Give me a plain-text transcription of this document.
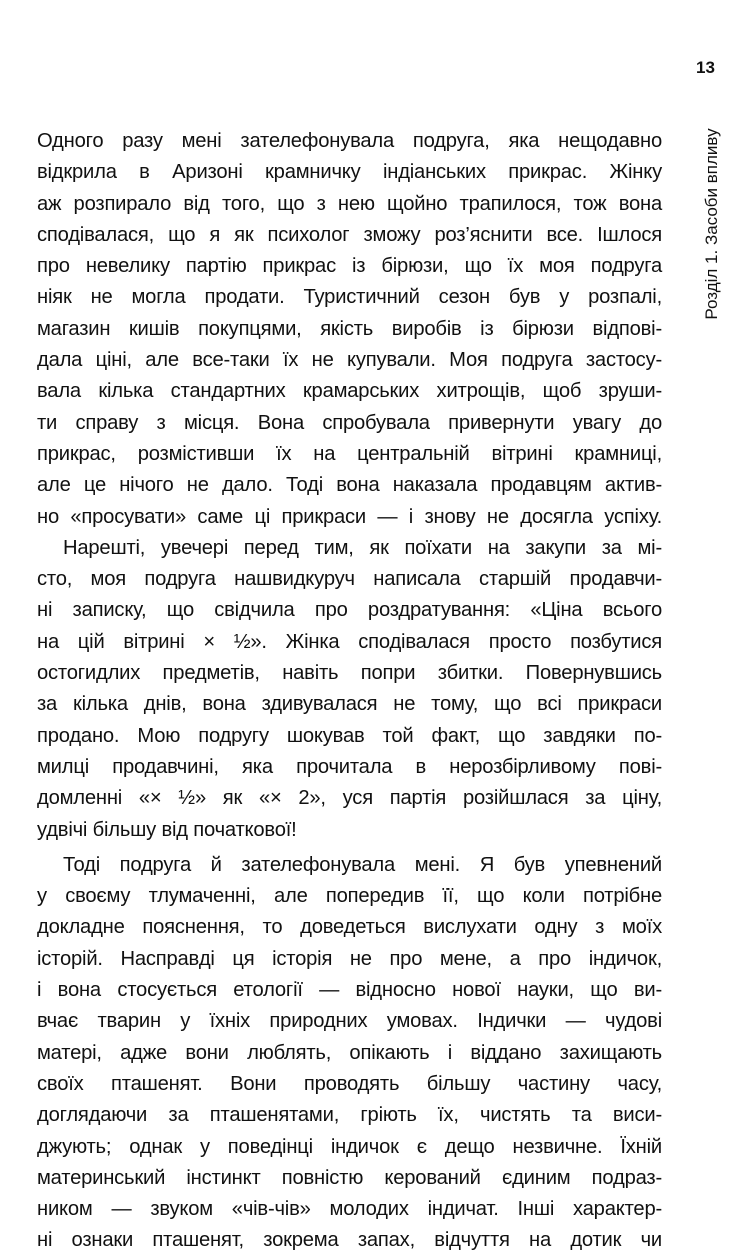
13
Розділ 1. Засоби впливу
Одного разу мені зателефонувала подруга, яка нещодавно
відкрила в Аризоні крамничку індіанських прикрас. Жінку
аж розпирало від того, що з нею щойно трапилося, тож вона
сподівалася, що я як психолог зможу роз’яснити все. Ішлося
про невелику партію прикрас із бірюзи, що їх моя подруга
ніяк не могла продати. Туристичний сезон був у розпалі,
магазин кишів покупцями, якість виробів із бірюзи відпові-
дала ціні, але все-таки їх не купували. Моя подруга застосу-
вала кілька стандартних крамарських хитрощів, щоб зруши-
ти справу з місця. Вона спробувала привернути увагу до
прикрас, розмістивши їх на центральній вітрині крамниці,
але це нічого не дало. Тоді вона наказала продавцям актив‑
но «просувати» саме ці прикраси — і знову не досягла успіху.
Нарешті, увечері перед тим, як поїхати на закупи за мі-
сто, моя подруга нашвидкуруч написала старшій продавчи-
ні записку, що свідчила про роздратування: «Ціна всього
на цій вітрині × ½». Жінка сподівалася просто позбутися
остогидлих предметів, навіть попри збитки. Повернувшись
за кілька днів, вона здивувалася не тому, що всі прикраси
продано. Мою подругу шокував той факт, що завдяки по-
милці продавчині, яка прочитала в нерозбірливому пові-
домленні «× ½» як «× 2», уся партія розійшлася за ціну,
удвічі більшу від початкової!
Тоді подруга й зателефонувала мені. Я був упевнений
у своєму тлумаченні, але попередив її, що коли потрібне
докладне пояснення, то доведеться вислухати одну з моїх
історій. Насправді ця історія не про мене, а про індичок,
і вона стосується етології — відносно нової науки, що ви-
вчає тварин у їхніх природних умовах. Індички — чудові
матері, адже вони люблять, опікають і віддано захищають
своїх пташенят. Вони проводять більшу частину часу,
доглядаючи за пташенятами, гріють їх, чистять та виси-
джують; однак у поведінці індичок є дещо незвичне. Їхній
материнський інстинкт повністю керований єдиним подраз-
ником — звуком «чів-чів» молодих індичат. Інші характер-
ні ознаки пташенят, зокрема запах, відчуття на дотик чи
